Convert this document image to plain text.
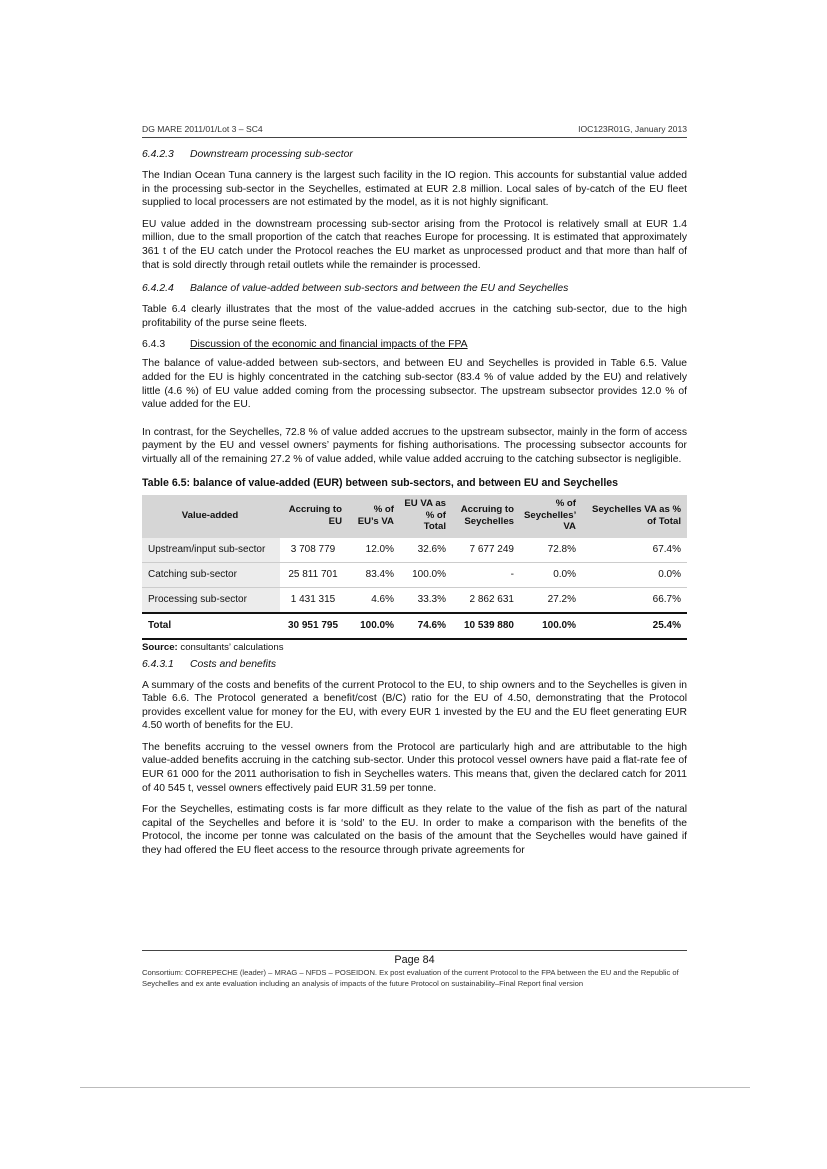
DG MARE 2011/01/Lot 3 – SC4	IOC123R01G, January 2013
6.4.2.3 Downstream processing sub-sector

The Indian Ocean Tuna cannery is the largest such facility in the IO region. This accounts for substantial value added in the processing sub-sector in the Seychelles, estimated at EUR 2.8 million. Local sales of by-catch of the EU fleet supplied to local processers are not estimated by the model, as it is not highly significant.

EU value added in the downstream processing sub-sector arising from the Protocol is relatively small at EUR 1.4 million, due to the small proportion of the catch that reaches Europe for processing. It is estimated that approximately 361 t of the EU catch under the Protocol reaches the EU market as unprocessed product and that more than half of that is sold directly through retail outlets while the remainder is processed.

6.4.2.4 Balance of value-added between sub-sectors and between the EU and Seychelles

Table 6.4 clearly illustrates that the most of the value-added accrues in the catching sub-sector, due to the high profitability of the purse seine fleets.

6.4.3 Discussion of the economic and financial impacts of the FPA

The balance of value-added between sub-sectors, and between EU and Seychelles is provided in Table 6.5. Value added for the EU is highly concentrated in the catching sub-sector (83.4 % of value added by the EU) and relatively little (4.6 %) of EU value added coming from the processing subsector. The upstream subsector provides 12.0 % of value added for the EU.

In contrast, for the Seychelles, 72.8 % of value added accrues to the upstream subsector, mainly in the form of access payment by the EU and vessel owners’ payments for fishing authorisations. The processing subsector accounts for virtually all of the remaining 27.2 % of value added, while value added accruing to the catching subsector is negligible.

Table 6.5: balance of value-added (EUR) between sub-sectors, and between EU and Seychelles
Value-added	Accruing to EU	% of EU’s VA	EU VA as % of Total	Accruing to Seychelles	% of Seychelles’ VA	Seychelles VA as % of Total
Upstream/input sub-sector	3 708 779	12.0%	32.6%	7 677 249	72.8%	67.4%
Catching sub-sector	25 811 701	83.4%	100.0%	-	0.0%	0.0%
Processing sub-sector	1 431 315	4.6%	33.3%	2 862 631	27.2%	66.7%
Total	30 951 795	100.0%	74.6%	10 539 880	100.0%	25.4%
Source: consultants’ calculations
6.4.3.1 Costs and benefits

A summary of the costs and benefits of the current Protocol to the EU, to ship owners and to the Seychelles is given in Table 6.6. The Protocol generated a benefit/cost (B/C) ratio for the EU of 4.50, demonstrating that the Protocol provides excellent value for money for the EU, with every EUR 1 invested by the EU and the EU fleet generating EUR 4.50 worth of benefits for the EU.

The benefits accruing to the vessel owners from the Protocol are particularly high and are attributable to the high value-added benefits accruing in the catching sub-sector. Under this protocol vessel owners have paid a flat-rate fee of EUR 61 000 for the 2011 authorisation to fish in Seychelles waters. This means that, given the declared catch for 2011 of 40 545 t, vessel owners effectively paid EUR 31.59 per tonne.

For the Seychelles, estimating costs is far more difficult as they relate to the value of the fish as part of the natural capital of the Seychelles and before it is ‘sold’ to the EU. In order to make a comparison with the benefits of the Protocol, the income per tonne was calculated on the basis of the amount that the Seychelles would have gained if they had offered the EU fleet access to the resource through private agreements for

Page 84
Consortium: COFREPECHE (leader) – MRAG – NFDS – POSEIDON. Ex post evaluation of the current Protocol to the FPA between the EU and the Republic of Seychelles and ex ante evaluation including an analysis of impacts of the future Protocol on sustainability–Final Report final version
